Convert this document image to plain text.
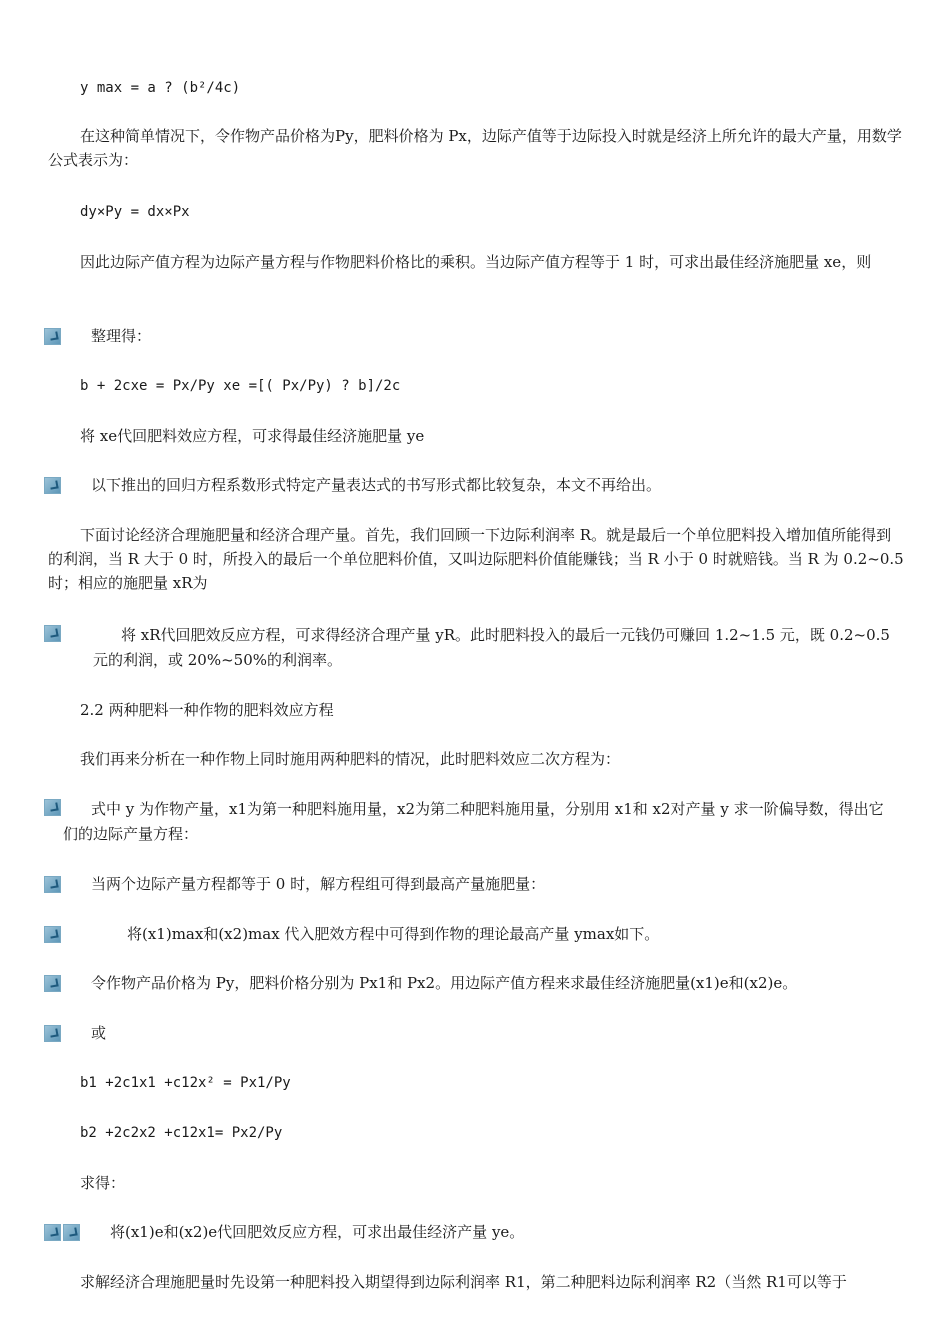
y max = a ? (b²/4c)
在这种简单情况下，令作物产品价格为Py，肥料价格为 Px，边际产值等于边际投入时就是经济上所允许的最大产量，用数学公式表示为：
dy×Py = dx×Px
因此边际产值方程为边际产量方程与作物肥料价格比的乘积。当边际产值方程等于 1 时，可求出最佳经济施肥量 xe，则
整理得：
b + 2cxe = Px/Py xe =[( Px/Py) ? b]/2c
将 xe代回肥料效应方程，可求得最佳经济施肥量 ye
以下推出的回归方程系数形式特定产量表达式的书写形式都比较复杂，本文不再给出。
下面讨论经济合理施肥量和经济合理产量。首先，我们回顾一下边际利润率 R。就是最后一个单位肥料投入增加值所能得到的利润，当 R 大于 0 时，所投入的最后一个单位肥料价值，又叫边际肥料价值能赚钱；当 R 小于 0 时就赔钱。当 R 为 0.2~0.5 时；相应的施肥量 xR为
将 xR代回肥效反应方程，可求得经济合理产量 yR。此时肥料投入的最后一元钱仍可赚回 1.2~1.5 元，既 0.2~0.5 元的利润，或 20%~50%的利润率。
2.2 两种肥料一种作物的肥料效应方程
我们再来分析在一种作物上同时施用两种肥料的情况，此时肥料效应二次方程为：
式中 y 为作物产量，x1为第一种肥料施用量，x2为第二种肥料施用量，分别用 x1和 x2对产量 y 求一阶偏导数，得出它们的边际产量方程：
当两个边际产量方程都等于 0 时，解方程组可得到最高产量施肥量：
将(x1)max和(x2)max 代入肥效方程中可得到作物的理论最高产量 ymax如下。
令作物产品价格为 Py，肥料价格分别为 Px1和 Px2。用边际产值方程来求最佳经济施肥量(x1)e和(x2)e。
或
b1 +2c1x1 +c12x² = Px1/Py
b2 +2c2x2 +c12x1= Px2/Py
求得：
将(x1)e和(x2)e代回肥效反应方程，可求出最佳经济产量 ye。
求解经济合理施肥量时先设第一种肥料投入期望得到边际利润率 R1，第二种肥料边际利润率 R2（当然 R1可以等于
